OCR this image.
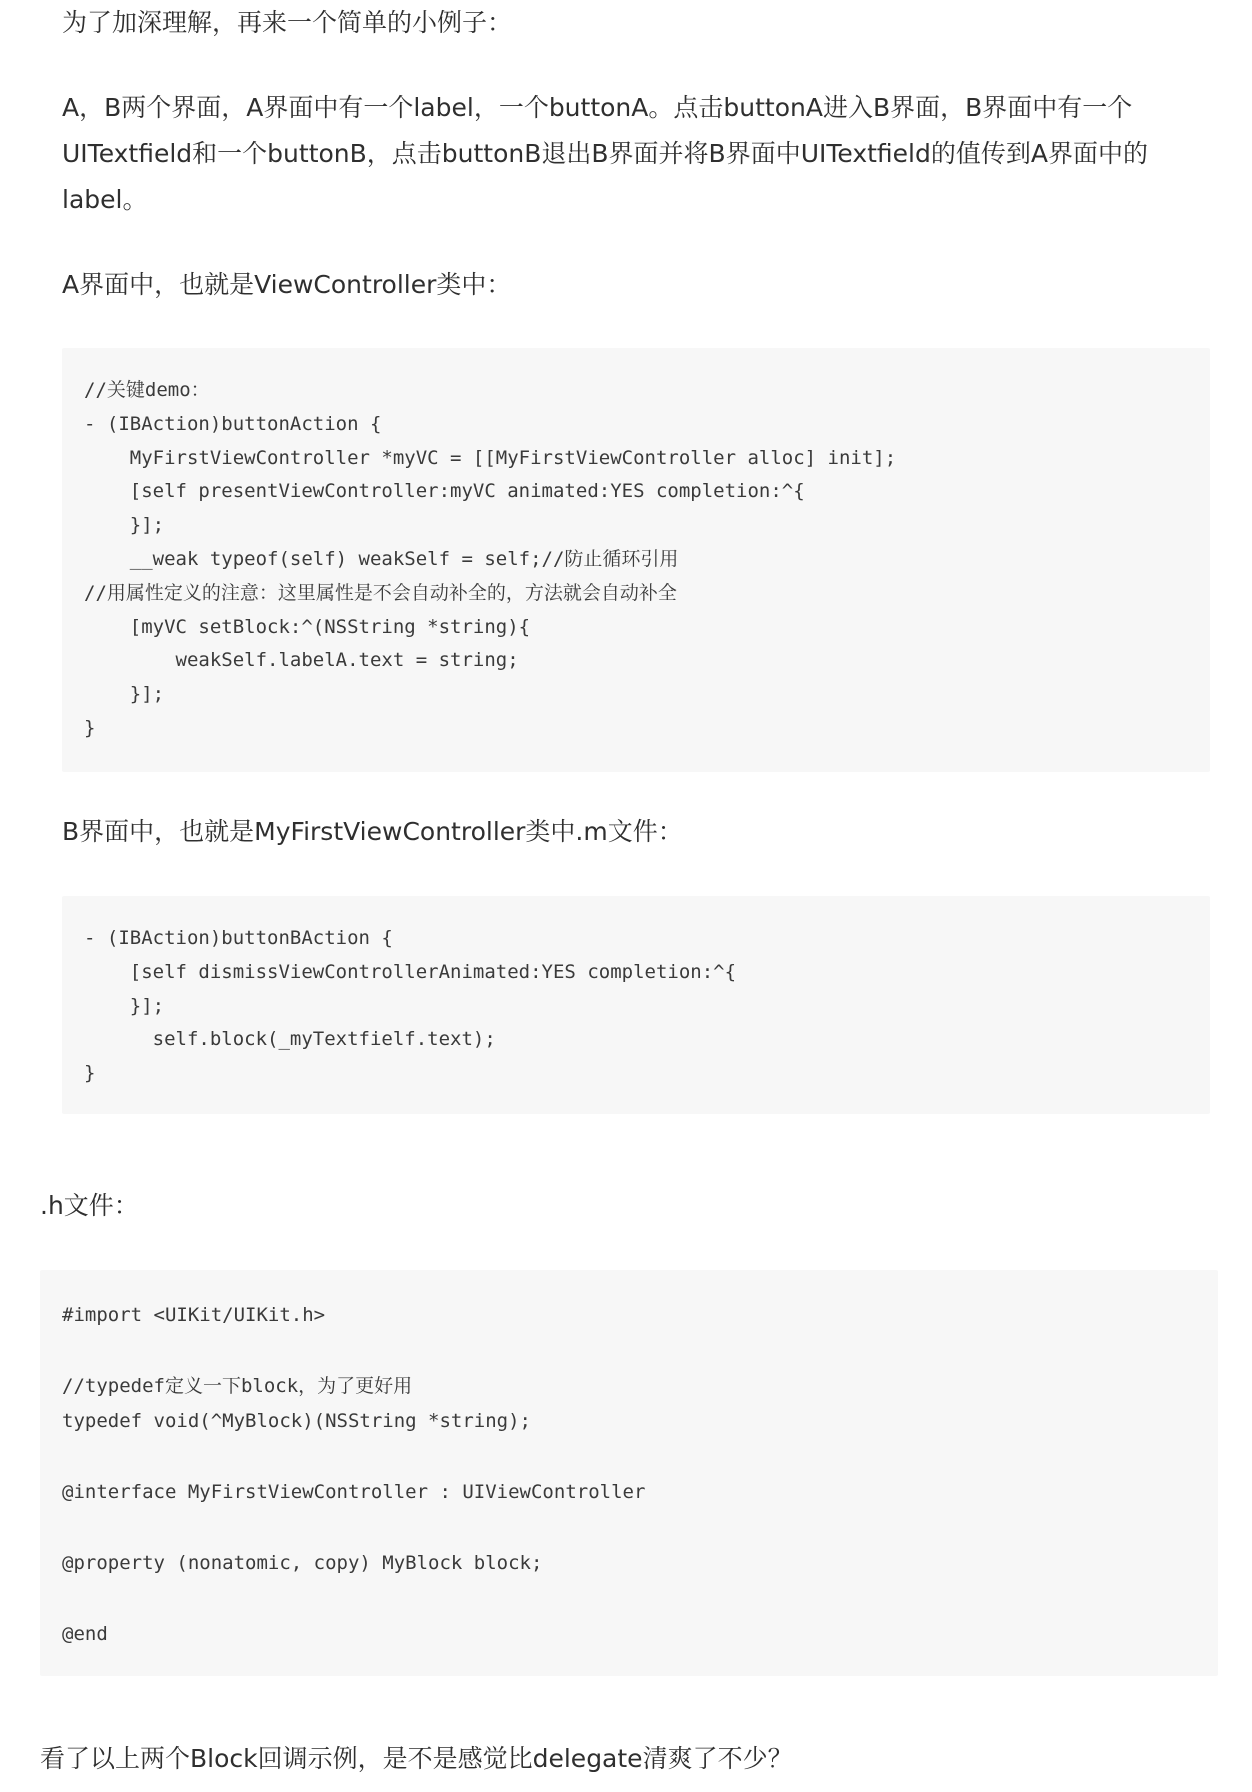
为了加深理解，再来一个简单的小例子：

A，B两个界面，A界面中有一个label，一个buttonA。点击buttonA进入B界面，B界面中有一个UITextfield和一个buttonB，点击buttonB退出B界面并将B界面中UITextfield的值传到A界面中的label。

A界面中，也就是ViewController类中：

//关键demo：
- (IBAction)buttonAction {
MyFirstViewController *myVC = [[MyFirstViewController alloc] init];
[self presentViewController:myVC animated:YES completion:^{
}];
__weak typeof(self) weakSelf = self;//防止循环引用
//用属性定义的注意：这里属性是不会自动补全的，方法就会自动补全
[myVC setBlock:^(NSString *string){
weakSelf.labelA.text = string;
}];
}

B界面中，也就是MyFirstViewController类中.m文件：

- (IBAction)buttonBAction {
[self dismissViewControllerAnimated:YES completion:^{
}];
self.block(_myTextfielf.text);
}

.h文件：

#import <UIKit/UIKit.h>

//typedef定义一下block，为了更好用
typedef void(^MyBlock)(NSString *string);

@interface MyFirstViewController : UIViewController

@property (nonatomic, copy) MyBlock block;

@end

看了以上两个Block回调示例，是不是感觉比delegate清爽了不少？
